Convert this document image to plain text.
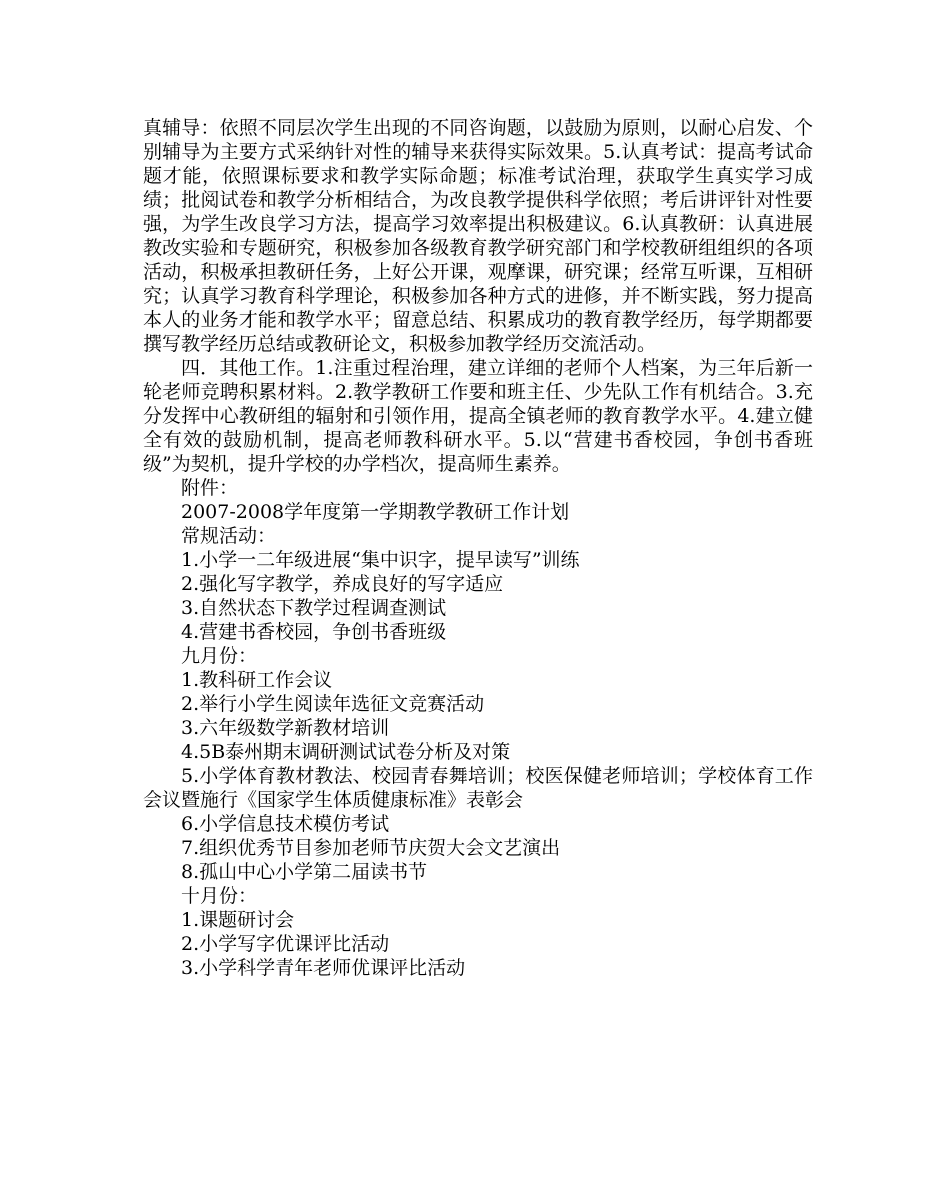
真辅导：依照不同层次学生出现的不同咨询题，以鼓励为原则，以耐心启发、个别辅导为主要方式采纳针对性的辅导来获得实际效果。5.认真考试：提高考试命题才能，依照课标要求和教学实际命题；标准考试治理，获取学生真实学习成绩；批阅试卷和教学分析相结合，为改良教学提供科学依照；考后讲评针对性要强，为学生改良学习方法，提高学习效率提出积极建议。6.认真教研：认真进展教改实验和专题研究，积极参加各级教育教学研究部门和学校教研组组织的各项活动，积极承担教研任务，上好公开课，观摩课，研究课；经常互听课，互相研究；认真学习教育科学理论，积极参加各种方式的进修，并不断实践，努力提高本人的业务才能和教学水平；留意总结、积累成功的教育教学经历，每学期都要撰写教学经历总结或教研论文，积极参加教学经历交流活动。

四．其他工作。1.注重过程治理，建立详细的老师个人档案，为三年后新一轮老师竞聘积累材料。2.教学教研工作要和班主任、少先队工作有机结合。3.充分发挥中心教研组的辐射和引领作用，提高全镇老师的教育教学水平。4.建立健全有效的鼓励机制，提高老师教科研水平。5.以“营建书香校园，争创书香班级”为契机，提升学校的办学档次，提高师生素养。

附件：

2007-2008学年度第一学期教学教研工作计划

常规活动：

1.小学一二年级进展“集中识字，提早读写”训练

2.强化写字教学，养成良好的写字适应

3.自然状态下教学过程调查测试

4.营建书香校园，争创书香班级

九月份：

1.教科研工作会议

2.举行小学生阅读年选征文竞赛活动

3.六年级数学新教材培训

4.5B泰州期末调研测试试卷分析及对策

5.小学体育教材教法、校园青春舞培训；校医保健老师培训；学校体育工作会议暨施行《国家学生体质健康标准》表彰会

6.小学信息技术模仿考试

7.组织优秀节目参加老师节庆贺大会文艺演出

8.孤山中心小学第二届读书节

十月份：

1.课题研讨会

2.小学写字优课评比活动

3.小学科学青年老师优课评比活动
